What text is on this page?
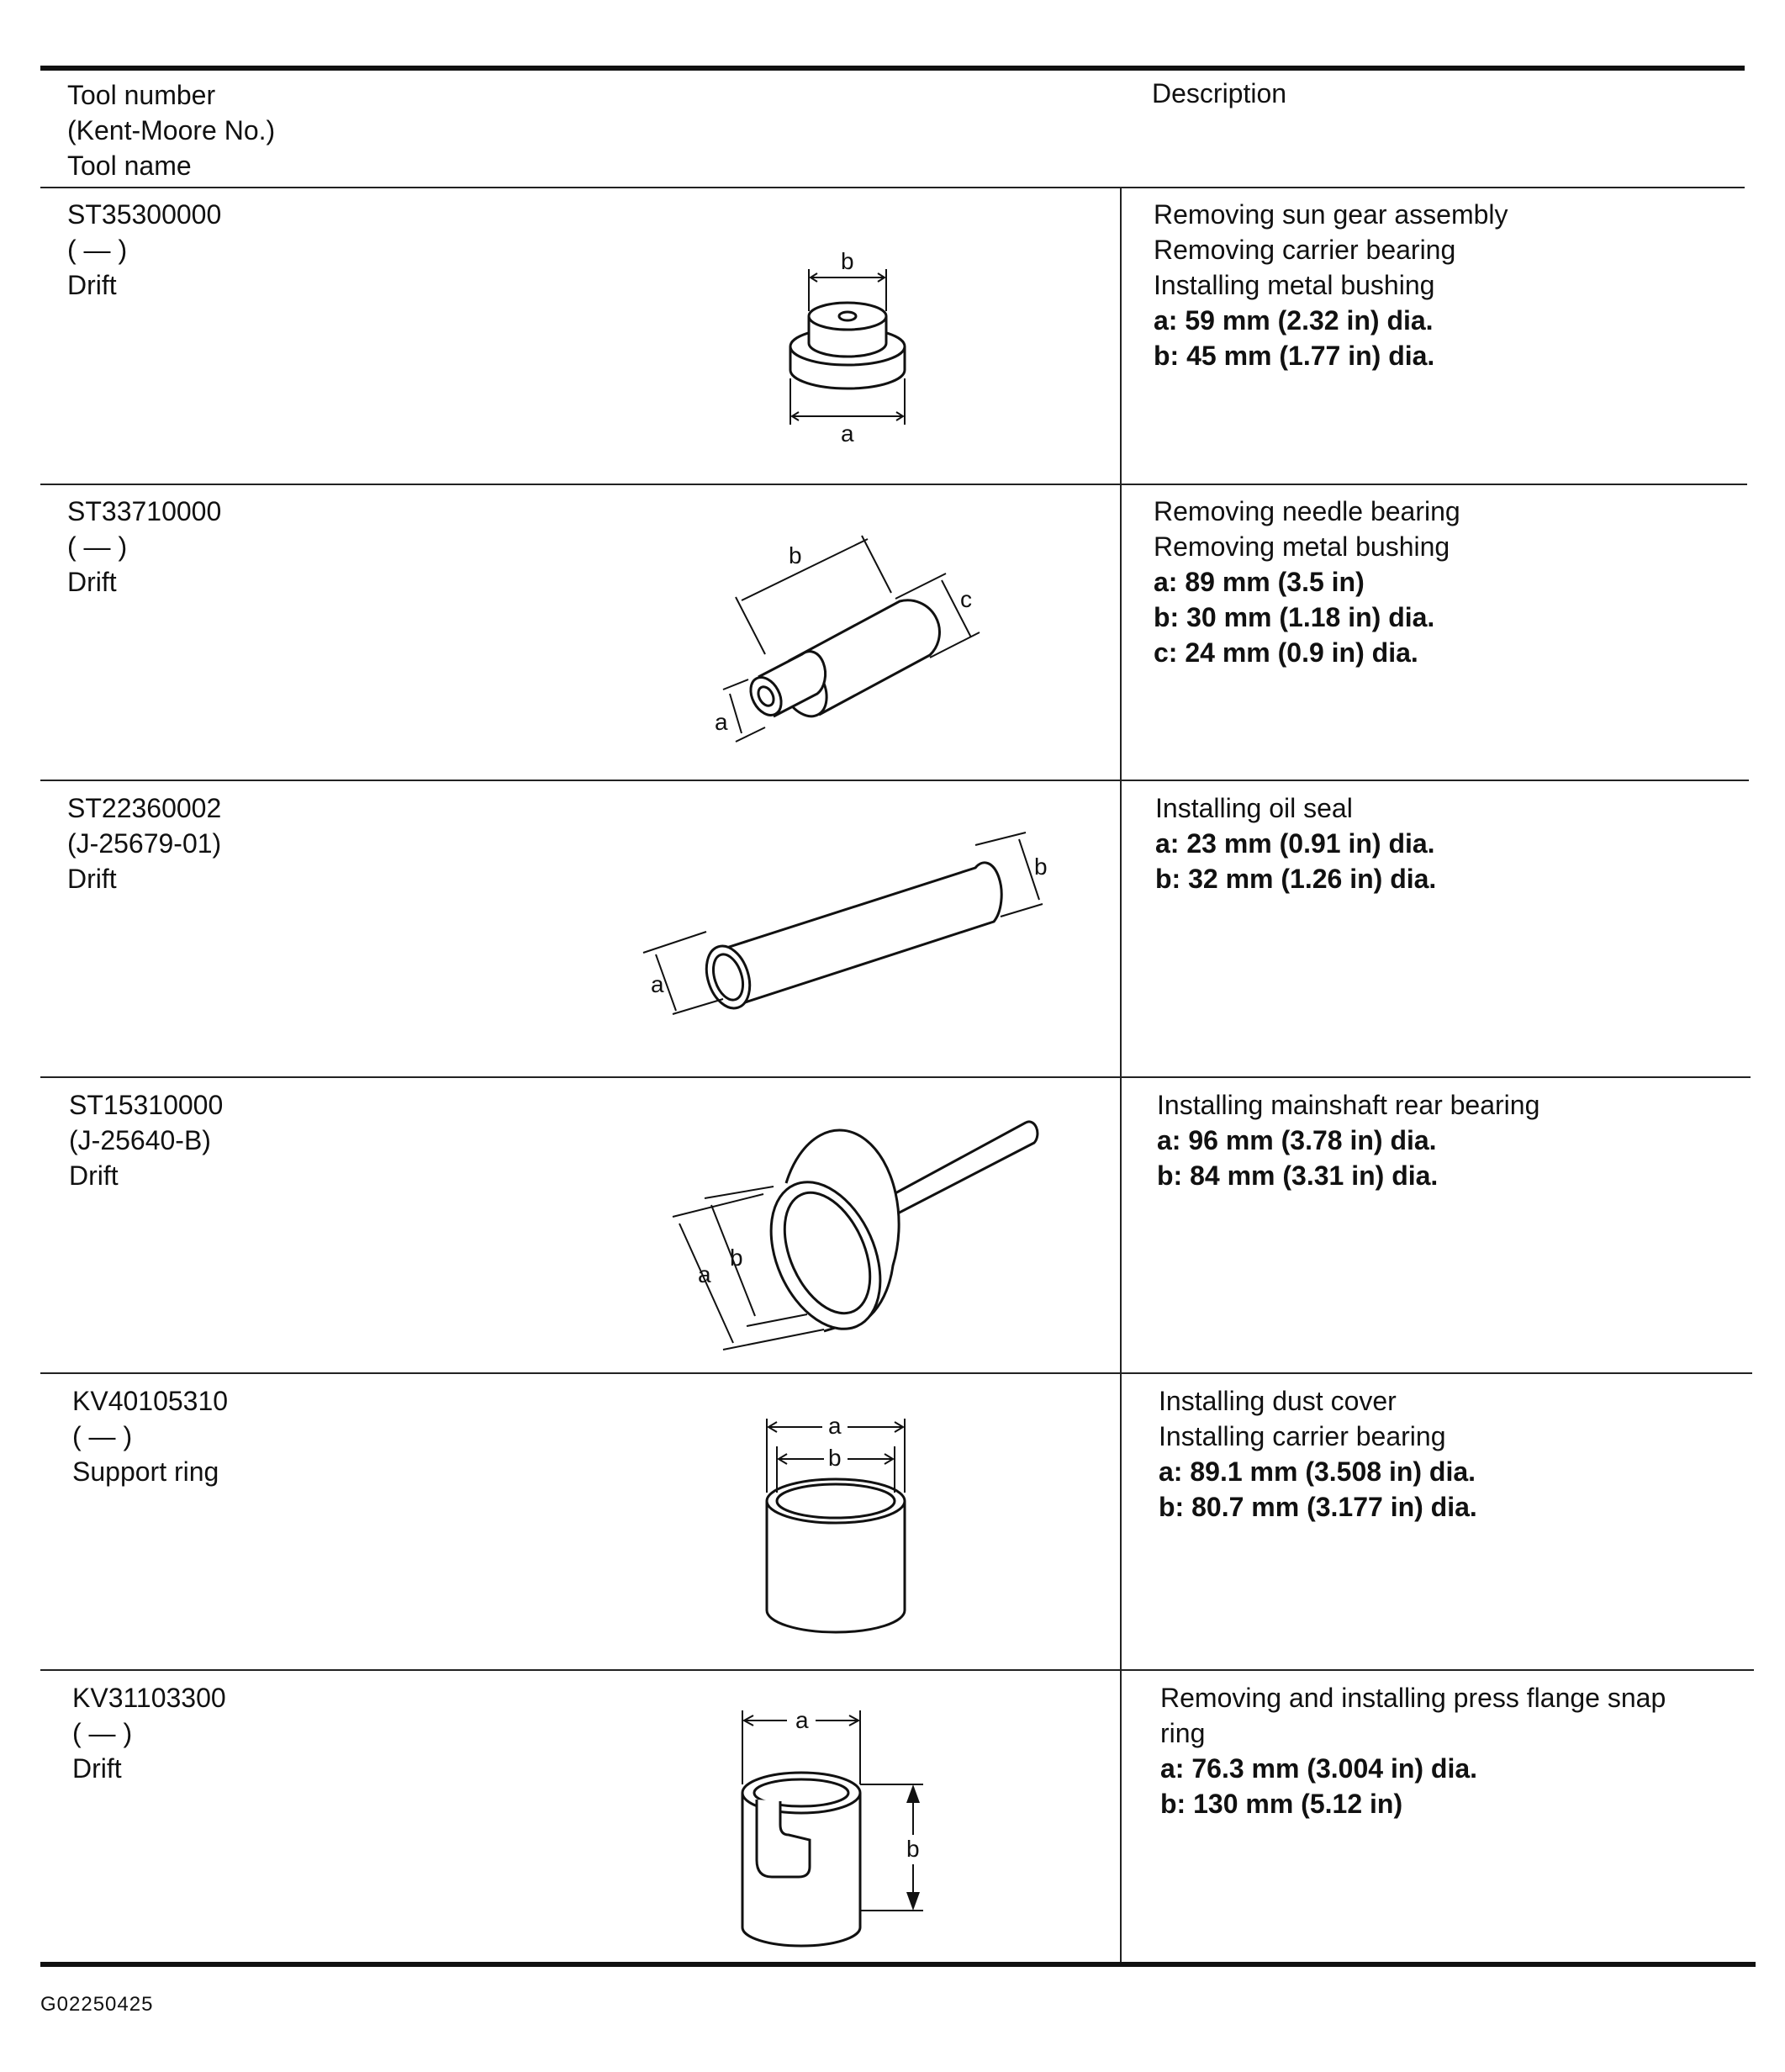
Tool number
(Kent-Moore No.)
Tool name
Description
ST35300000
( — )
Drift
Removing sun gear assembly
Removing carrier bearing
Installing metal bushing
a: 59 mm (2.32 in) dia.
b: 45 mm (1.77 in) dia.
b
a
ST33710000
( — )
Drift
Removing needle bearing
Removing metal bushing
a: 89 mm (3.5 in)
b: 30 mm (1.18 in) dia.
c: 24 mm (0.9 in) dia.
b
c
a
ST22360002
(J-25679-01)
Drift
Installing oil seal
a: 23 mm (0.91 in) dia.
b: 32 mm (1.26 in) dia.
a
b
ST15310000
(J-25640-B)
Drift
Installing mainshaft rear bearing
a: 96 mm (3.78 in) dia.
b: 84 mm (3.31 in) dia.
a
b
KV40105310
( — )
Support ring
Installing dust cover
Installing carrier bearing
a: 89.1 mm (3.508 in) dia.
b: 80.7 mm (3.177 in) dia.
a
b
KV31103300
( — )
Drift
Removing and installing press flange snap ring
a: 76.3 mm (3.004 in) dia.
b: 130 mm (5.12 in)
a
b
G02250425
